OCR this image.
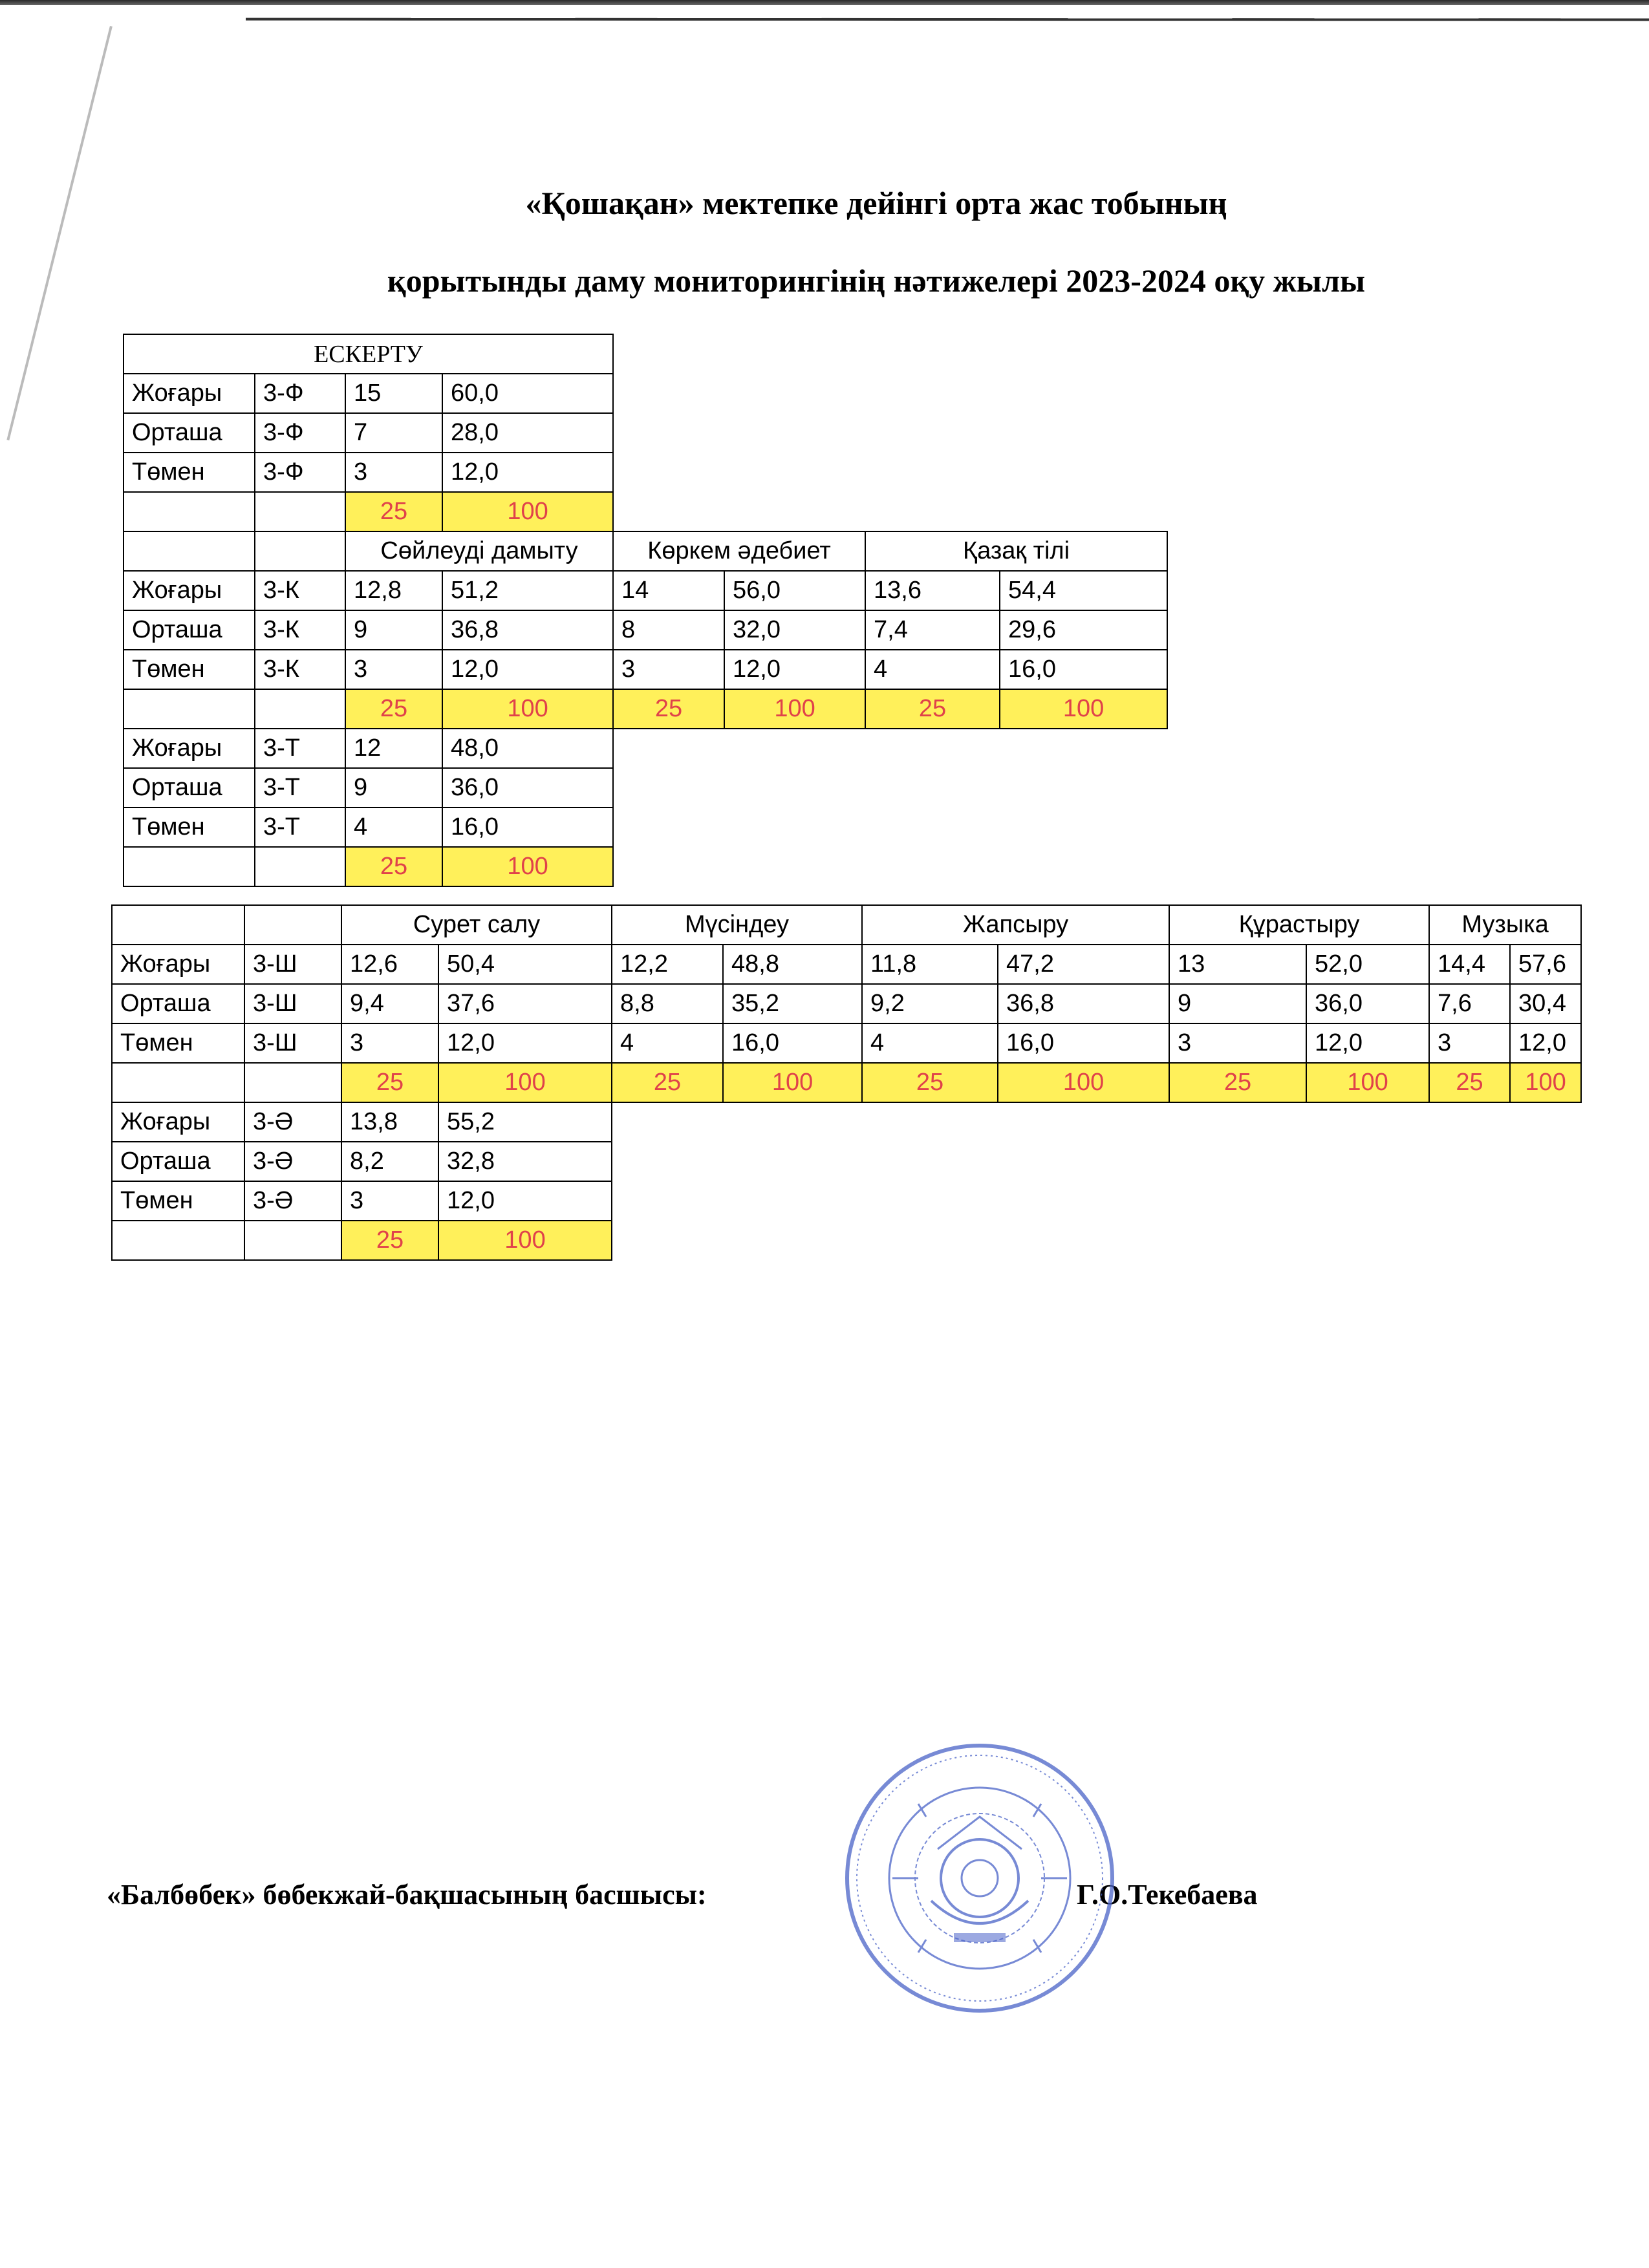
«Қошақан» мектепке дейінгі орта жас тобының
қорытынды даму мониторингінің нәтижелері 2023-2024 оқу жылы
ЕСКЕРТУ							
Жоғары	3-Ф	15	60,0				
Орташа	3-Ф	7	28,0				
Төмен	3-Ф	3	12,0				
		25	100				
		Сөйлеуді дамыту		Көркем әдебиет		Қазақ тілі	
Жоғары	3-К	12,8	51,2	14	56,0	13,6	54,4
Орташа	3-К	9	36,8	8	32,0	7,4	29,6
Төмен	3-К	3	12,0	3	12,0	4	16,0
		25	100	25	100	25	100
Жоғары	3-Т	12	48,0				
Орташа	3-Т	9	36,0				
Төмен	3-Т	4	16,0				
		25	100				
		Сурет салу		Мүсіндеу		Жапсыру		Құрастыру		Музыка	
Жоғары	3-Ш	12,6	50,4	12,2	48,8	11,8	47,2	13	52,0	14,4	57,6
Орташа	3-Ш	9,4	37,6	8,8	35,2	9,2	36,8	9	36,0	7,6	30,4
Төмен	3-Ш	3	12,0	4	16,0	4	16,0	3	12,0	3	12,0
		25	100	25	100	25	100	25	100	25	100
Жоғары	3-Ә	13,8	55,2								
Орташа	3-Ә	8,2	32,8								
Төмен	3-Ә	3	12,0								
		25	100								
«Балбөбек» бөбекжай-бақшасының басшысы:	Г.О.Текебаева
